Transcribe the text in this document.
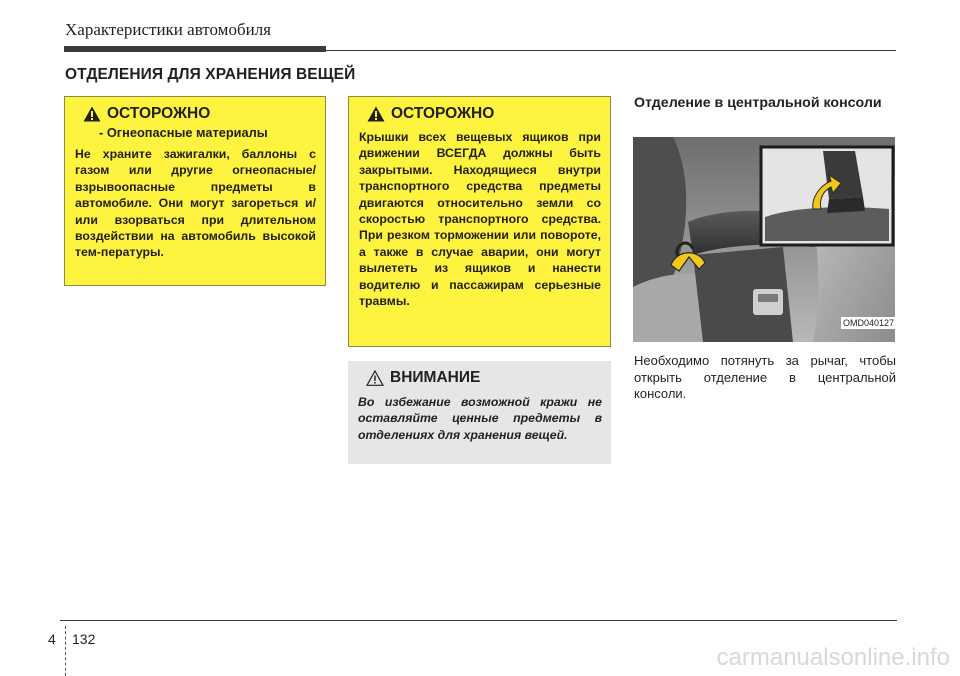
Характеристики автомобиля
ОТДЕЛЕНИЯ ДЛЯ ХРАНЕНИЯ ВЕЩЕЙ
ОСТОРОЖНО
- Огнеопасные материалы
Не храните зажигалки, баллоны с газом или другие огнеопасные/ взрывоопасные предметы в автомобиле. Они могут загореться и/или взорваться при длительном воздействии на автомобиль высокой тем-пературы.
ОСТОРОЖНО
Крышки всех вещевых ящиков при движении ВСЕГДА должны быть закрытыми. Находящиеся внутри транспортного средства предметы двигаются относительно земли со скоростью транспортного средства. При резком торможении или повороте, а также в случае аварии, они могут вылететь из ящиков и нанести водителю и пассажирам серьезные травмы.
ВНИМАНИЕ
Во избежание возможной кражи не оставляйте ценные предметы в отделениях для хранения вещей.
Отделение в центральной консоли
OMD040127
Необходимо потянуть за рычаг, чтобы открыть отделение в центральной консоли.
4 132
carmanualsonline.info
